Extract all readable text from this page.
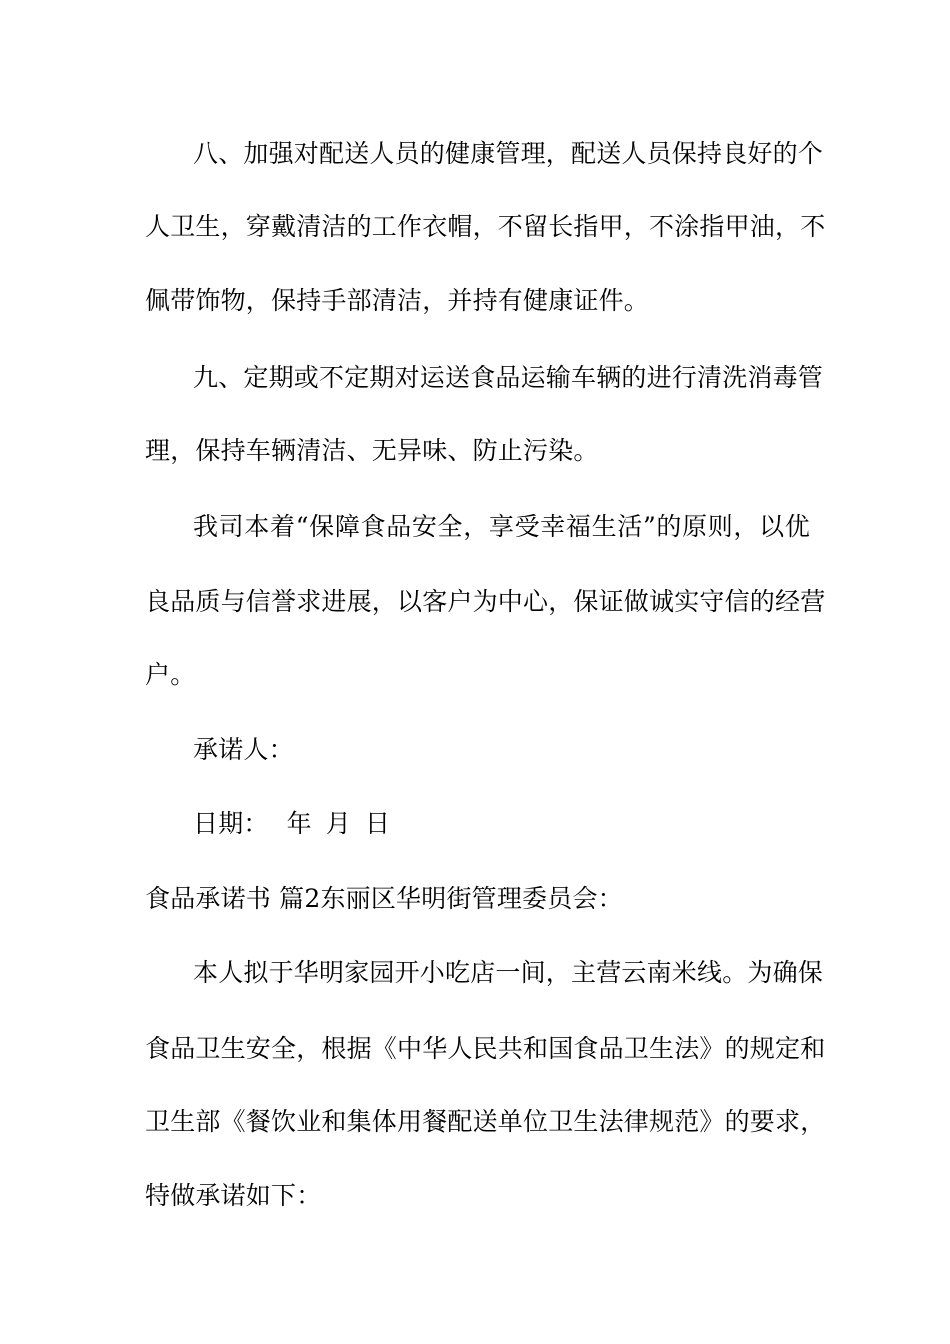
八、加强对配送人员的健康管理，配送人员保持良好的个
人卫生，穿戴清洁的工作衣帽，不留长指甲，不涂指甲油，不
佩带饰物，保持手部清洁，并持有健康证件。
九、定期或不定期对运送食品运输车辆的进行清洗消毒管
理，保持车辆清洁、无异味、防止污染。
我司本着“保障食品安全，享受幸福生活”的原则，以优
良品质与信誉求进展，以客户为中心，保证做诚实守信的经营
户。
承诺人：
日期： 年 月 日
食品承诺书 篇2东丽区华明街管理委员会：
本人拟于华明家园开小吃店一间，主营云南米线。为确保
食品卫生安全，根据《中华人民共和国食品卫生法》的规定和
卫生部《餐饮业和集体用餐配送单位卫生法律规范》的要求，
特做承诺如下：
